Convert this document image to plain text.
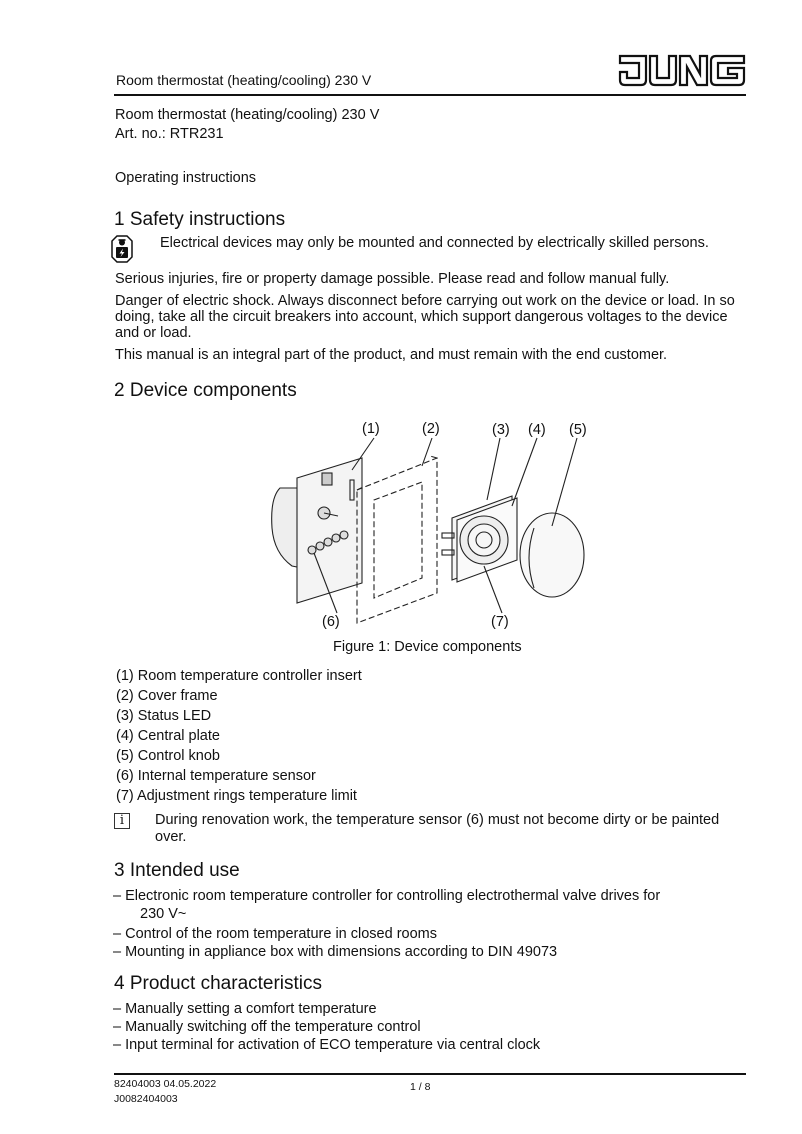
Room thermostat (heating/cooling) 230 V
Room thermostat (heating/cooling) 230 V
Art. no.: RTR231
Operating instructions
1 Safety instructions
Electrical devices may only be mounted and connected by electrically skilled persons.
Serious injuries, fire or property damage possible. Please read and follow manual fully.
Danger of electric shock. Always disconnect before carrying out work on the device or load. In so doing, take all the circuit breakers into account, which support dangerous voltages to the device and or load.
This manual is an integral part of the product, and must remain with the end customer.
2 Device components
(1)	(2)	(3) (4) (5)
(6)	(7)
Figure 1: Device components
(1) Room temperature controller insert
(2) Cover frame
(3) Status LED
(4) Central plate
(5) Control knob
(6) Internal temperature sensor
(7) Adjustment rings temperature limit
i	During renovation work, the temperature sensor (6) must not become dirty or be painted over.
3 Intended use
– Electronic room temperature controller for controlling electrothermal valve drives for
230 V~
– Control of the room temperature in closed rooms
– Mounting in appliance box with dimensions according to DIN 49073
4 Product characteristics
– Manually setting a comfort temperature
– Manually switching off the temperature control
– Input terminal for activation of ECO temperature via central clock
82404003 04.05.2022
J0082404003
1 / 8
